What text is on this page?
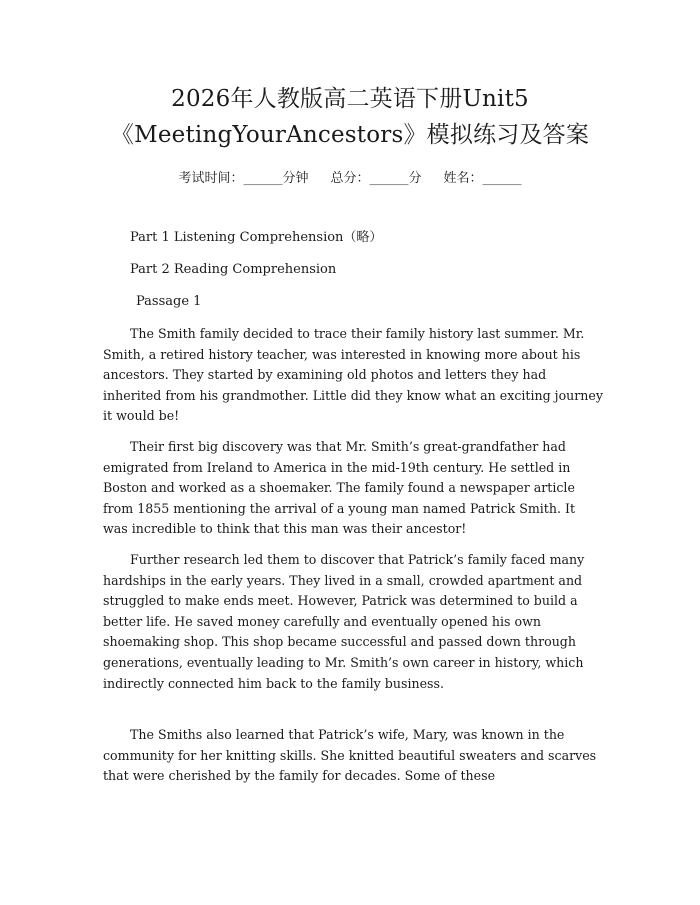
2026年人教版高二英语下册Unit5
《MeetingYourAncestors》模拟练习及答案
考试时间：______分钟 总分：______分 姓名：______
Part 1 Listening Comprehension（略）
Part 2 Reading Comprehension
Passage 1

The Smith family decided to trace their family history last summer. Mr. Smith, a retired history teacher, was interested in knowing more about his ancestors. They started by examining old photos and letters they had inherited from his grandmother. Little did they know what an exciting journey it would be!

Their first big discovery was that Mr. Smith’s great-grandfather had emigrated from Ireland to America in the mid-19th century. He settled in Boston and worked as a shoemaker. The family found a newspaper article from 1855 mentioning the arrival of a young man named Patrick Smith. It was incredible to think that this man was their ancestor!

Further research led them to discover that Patrick’s family faced many hardships in the early years. They lived in a small, crowded apartment and struggled to make ends meet. However, Patrick was determined to build a better life. He saved money carefully and eventually opened his own shoemaking shop. This shop became successful and passed down through generations, eventually leading to Mr. Smith’s own career in history, which indirectly connected him back to the family business.

The Smiths also learned that Patrick’s wife, Mary, was known in the community for her knitting skills. She knitted beautiful sweaters and scarves that were cherished by the family for decades. Some of these
